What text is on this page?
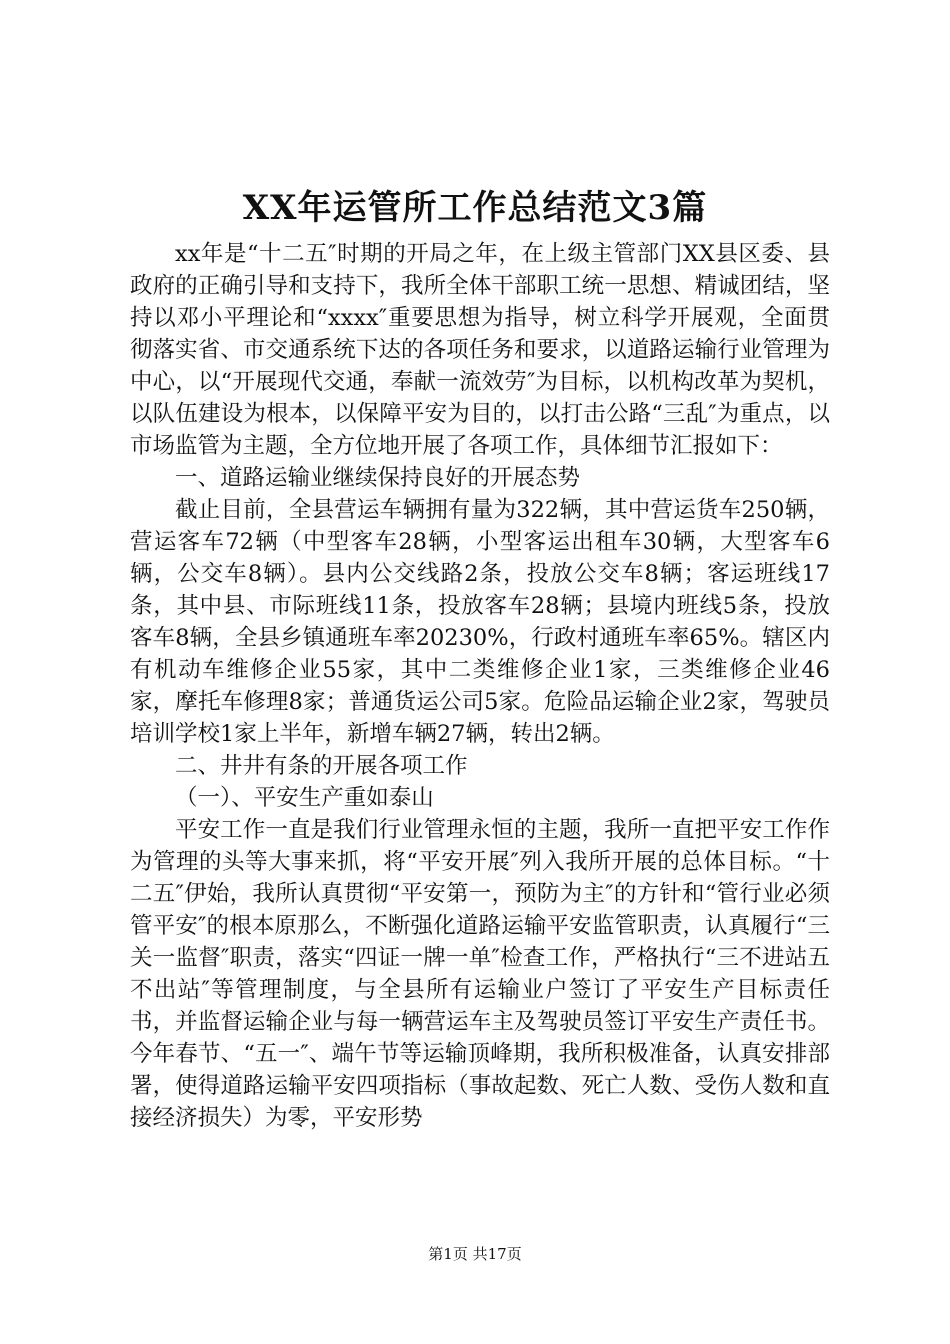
XX年运管所工作总结范文3篇

xx年是“十二五″时期的开局之年，在上级主管部门XX县区委、县政府的正确引导和支持下，我所全体干部职工统一思想、精诚团结，坚持以邓小平理论和“xxxx″重要思想为指导，树立科学开展观，全面贯彻落实省、市交通系统下达的各项任务和要求，以道路运输行业管理为中心，以“开展现代交通，奉献一流效劳″为目标，以机构改革为契机，以队伍建设为根本，以保障平安为目的，以打击公路“三乱″为重点，以市场监管为主题，全方位地开展了各项工作，具体细节汇报如下：

一、道路运输业继续保持良好的开展态势

截止目前，全县营运车辆拥有量为322辆，其中营运货车250辆，营运客车72辆（中型客车28辆，小型客运出租车30辆，大型客车6辆，公交车8辆）。县内公交线路2条，投放公交车8辆；客运班线17条，其中县、市际班线11条，投放客车28辆；县境内班线5条，投放客车8辆，全县乡镇通班车率20230%，行政村通班车率65%。辖区内有机动车维修企业55家，其中二类维修企业1家，三类维修企业46家，摩托车修理8家；普通货运公司5家。危险品运输企业2家，驾驶员培训学校1家上半年，新增车辆27辆，转出2辆。

二、井井有条的开展各项工作

（一）、平安生产重如泰山

平安工作一直是我们行业管理永恒的主题，我所一直把平安工作作为管理的头等大事来抓，将“平安开展″列入我所开展的总体目标。“十二五″伊始，我所认真贯彻“平安第一，预防为主″的方针和“管行业必须管平安″的根本原那么，不断强化道路运输平安监管职责，认真履行“三关一监督″职责，落实“四证一牌一单″检查工作，严格执行“三不进站五不出站″等管理制度，与全县所有运输业户签订了平安生产目标责任书，并监督运输企业与每一辆营运车主及驾驶员签订平安生产责任书。今年春节、“五一″、端午节等运输顶峰期，我所积极准备，认真安排部署，使得道路运输平安四项指标（事故起数、死亡人数、受伤人数和直接经济损失）为零，平安形势

第1页 共17页
